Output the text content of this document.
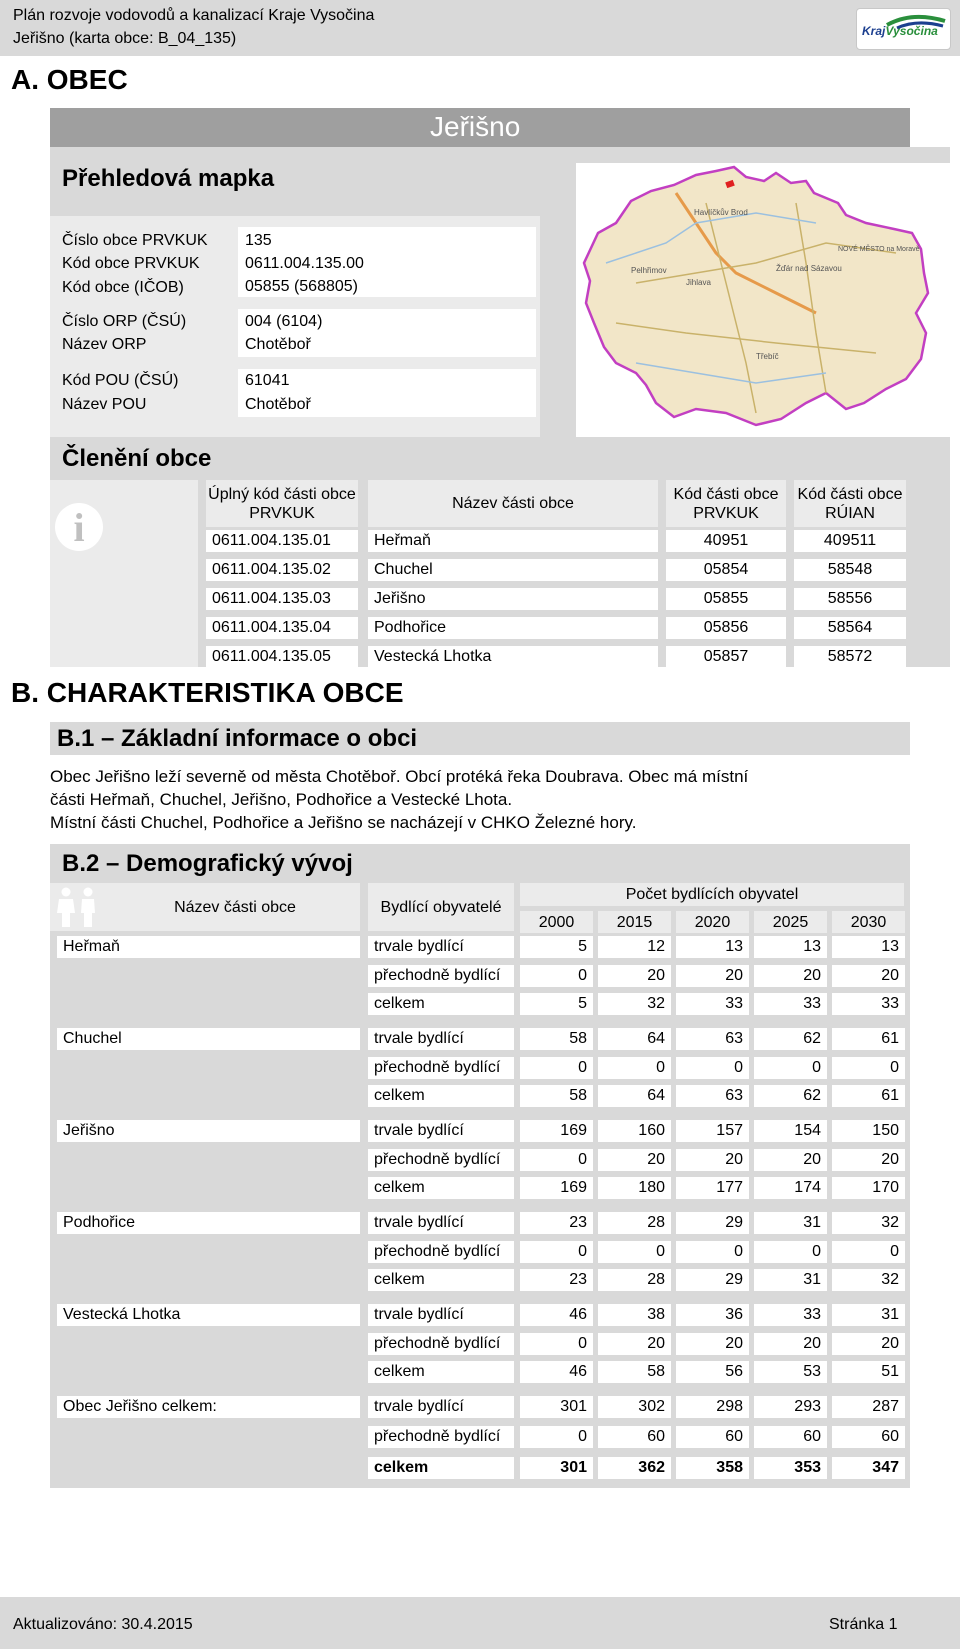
Plán rozvoje vodovodů a kanalizací Kraje Vysočina
Jeřišno (karta obce: B_04_135)	KrajVysočina
A. OBEC
Jeřišno
Přehledová mapka
Číslo obce PRVKUK 135
Kód obce PRVKUK	0611.004.135.00
Kód obce (IČOB)	05855 (568805)
Číslo ORP (ČSÚ)	004 (6104)
Název ORP	Chotěboř
Kód POU (ČSÚ)	61041
Název POU	Chotěboř
Havlíčkův Brod
Jihlava
Pelhřimov
Třebíč
Žďár nad Sázavou
NOVÉ MĚSTO na Moravě
Členění obce
i
Úplný kód části obce PRVKUK
Název části obce
Kód části obce PRVKUK
Kód části obce RÚIAN
0611.004.135.01	Heřmaň	40951	409511
0611.004.135.02	Chuchel	05854	58548
0611.004.135.03	Jeřišno	05855	58556
0611.004.135.04	Podhořice	05856	58564
0611.004.135.05	Vestecká Lhotka	05857	58572
B. CHARAKTERISTIKA OBCE
B.1 – Základní informace o obci
Obec Jeřišno leží severně od města Chotěboř. Obcí protéká řeka Doubrava. Obec má místní
části Heřmaň, Chuchel, Jeřišno, Podhořice a Vestecké Lhota.
Místní části Chuchel, Podhořice a Jeřišno se nacházejí v CHKO Železné hory.
B.2 – Demografický vývoj
Název části obce	Bydlící obyvatelé
Počet bydlících obyvatel
2000	2015	2020	2025	2030
Heřmaň	trvale bydlící	5	12	13	13	13
přechodně bydlící	0	20	20	20	20
celkem	5	32	33	33	33
Chuchel	trvale bydlící	58	64	63	62	61
přechodně bydlící	0	0	0	0	0
celkem	58	64	63	62	61
Jeřišno	trvale bydlící	169	160	157	154	150
přechodně bydlící	0	20	20	20	20
celkem	169	180	177	174	170
Podhořice	trvale bydlící	23	28	29	31	32
přechodně bydlící	0	0	0	0	0
celkem	23	28	29	31	32
Vestecká Lhotka	trvale bydlící	46	38	36	33	31
přechodně bydlící	0	20	20	20	20
celkem	46	58	56	53	51
Obec Jeřišno celkem:	trvale bydlící	301	302	298	293	287
přechodně bydlící	0	60	60	60	60
celkem	301	362	358	353	347
Aktualizováno: 30.4.2015	Stránka 1
